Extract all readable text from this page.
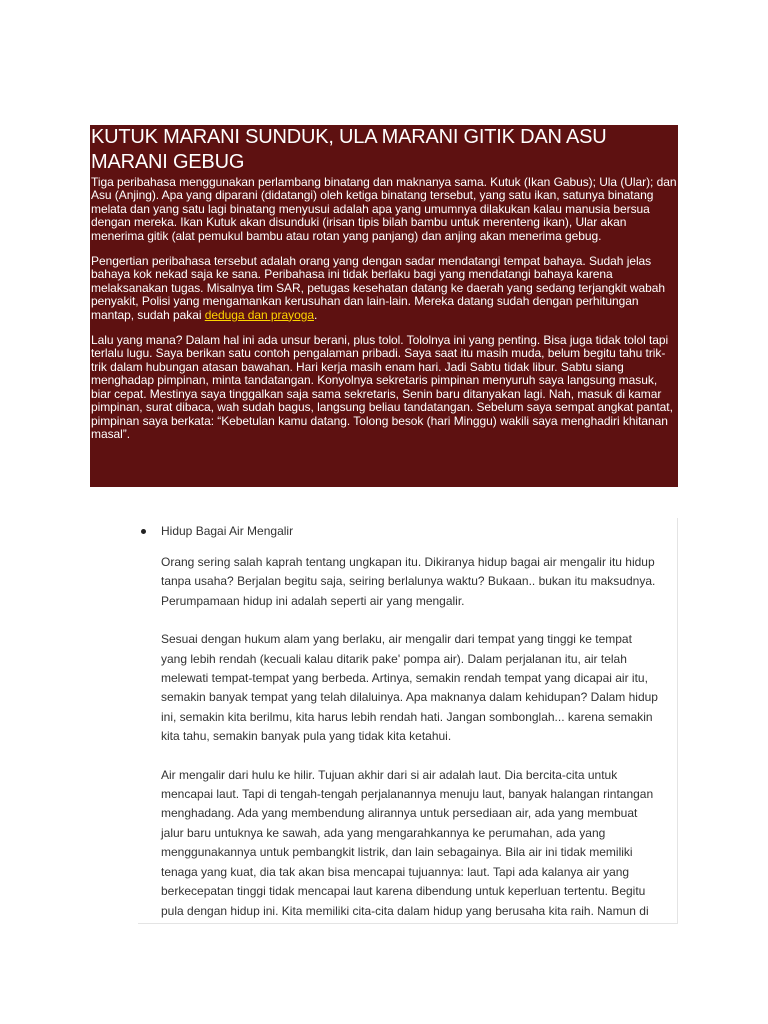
KUTUK MARANI SUNDUK, ULA MARANI GITIK DAN ASU MARANI GEBUG

Tiga peribahasa menggunakan perlambang binatang dan maknanya sama. Kutuk (Ikan Gabus); Ula (Ular); dan Asu (Anjing). Apa yang diparani (didatangi) oleh ketiga binatang tersebut, yang satu ikan, satunya binatang melata dan yang satu lagi binatang menyusui adalah apa yang umumnya dilakukan kalau manusia bersua dengan mereka. Ikan Kutuk akan disunduki (irisan tipis bilah bambu untuk merenteng ikan), Ular akan menerima gitik (alat pemukul bambu atau rotan yang panjang) dan anjing akan menerima gebug.

Pengertian peribahasa tersebut adalah orang yang dengan sadar mendatangi tempat bahaya. Sudah jelas bahaya kok nekad saja ke sana. Peribahasa ini tidak berlaku bagi yang mendatangi bahaya karena melaksanakan tugas. Misalnya tim SAR, petugas kesehatan datang ke daerah yang sedang terjangkit wabah penyakit, Polisi yang mengamankan kerusuhan dan lain-lain. Mereka datang sudah dengan perhitungan mantap, sudah pakai deduga dan prayoga.

Lalu yang mana? Dalam hal ini ada unsur berani, plus tolol. Tololnya ini yang penting. Bisa juga tidak tolol tapi terlalu lugu. Saya berikan satu contoh pengalaman pribadi. Saya saat itu masih muda, belum begitu tahu trik-trik dalam hubungan atasan bawahan. Hari kerja masih enam hari. Jadi Sabtu tidak libur. Sabtu siang menghadap pimpinan, minta tandatangan. Konyolnya sekretaris pimpinan menyuruh saya langsung masuk, biar cepat. Mestinya saya tinggalkan saja sama sekretaris, Senin baru ditanyakan lagi. Nah, masuk di kamar pimpinan, surat dibaca, wah sudah bagus, langsung beliau tandatangan. Sebelum saya sempat angkat pantat, pimpinan saya berkata: “Kebetulan kamu datang. Tolong besok (hari Minggu) wakili saya menghadiri khitanan masal”.

Hidup Bagai Air Mengalir

Orang sering salah kaprah tentang ungkapan itu. Dikiranya hidup bagai air mengalir itu hidup tanpa usaha? Berjalan begitu saja, seiring berlalunya waktu? Bukaan.. bukan itu maksudnya. Perumpamaan hidup ini adalah seperti air yang mengalir.

Sesuai dengan hukum alam yang berlaku, air mengalir dari tempat yang tinggi ke tempat yang lebih rendah (kecuali kalau ditarik pake' pompa air). Dalam perjalanan itu, air telah melewati tempat-tempat yang berbeda. Artinya, semakin rendah tempat yang dicapai air itu, semakin banyak tempat yang telah dilaluinya. Apa maknanya dalam kehidupan? Dalam hidup ini, semakin kita berilmu, kita harus lebih rendah hati. Jangan sombonglah... karena semakin kita tahu, semakin banyak pula yang tidak kita ketahui.

Air mengalir dari hulu ke hilir. Tujuan akhir dari si air adalah laut. Dia bercita-cita untuk mencapai laut. Tapi di tengah-tengah perjalanannya menuju laut, banyak halangan rintangan menghadang. Ada yang membendung alirannya untuk persediaan air, ada yang membuat jalur baru untuknya ke sawah, ada yang mengarahkannya ke perumahan, ada yang menggunakannya untuk pembangkit listrik, dan lain sebagainya. Bila air ini tidak memiliki tenaga yang kuat, dia tak akan bisa mencapai tujuannya: laut. Tapi ada kalanya air yang berkecepatan tinggi tidak mencapai laut karena dibendung untuk keperluan tertentu. Begitu pula dengan hidup ini. Kita memiliki cita-cita dalam hidup yang berusaha kita raih. Namun di
